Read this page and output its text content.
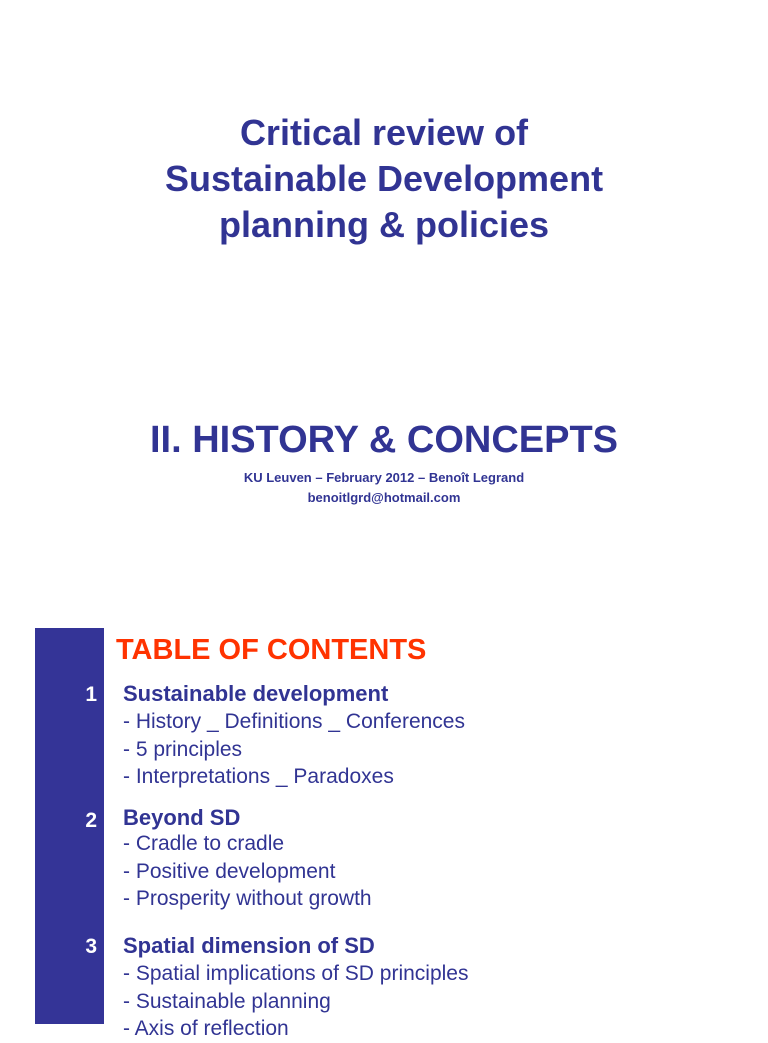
Critical review of
Sustainable Development
planning & policies
II. HISTORY & CONCEPTS
KU Leuven – February 2012 – Benoît Legrand
benoitlgrd@hotmail.com
TABLE OF CONTENTS
1 Sustainable development
- History _ Definitions _ Conferences
- 5 principles
- Interpretations _ Paradoxes
2 Beyond SD
- Cradle to cradle
- Positive development
- Prosperity without growth
3 Spatial dimension of SD
- Spatial implications of SD principles
- Sustainable planning
- Axis of reflection
